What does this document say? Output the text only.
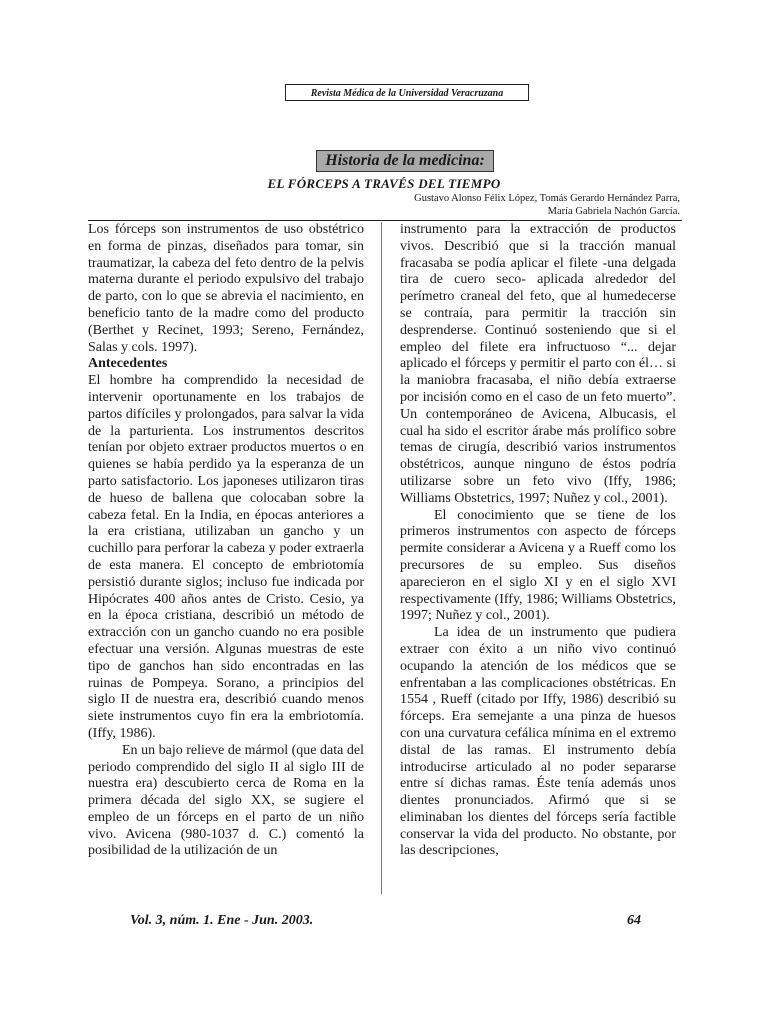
Revista Médica de la Universidad Veracruzana
Historia de la medicina:
EL FÓRCEPS A TRAVÉS DEL TIEMPO
Gustavo Alonso Félix López, Tomás Gerardo Hernández Parra,
María Gabriela Nachón García.

Los fórceps son instrumentos de uso obstétrico en forma de pinzas, diseñados para tomar, sin traumatizar, la cabeza del feto dentro de la pelvis materna durante el periodo expulsivo del trabajo de parto, con lo que se abrevia el nacimiento, en beneficio tanto de la madre como del producto (Berthet y Recinet, 1993; Sereno, Fernández, Salas y cols. 1997).

Antecedentes

El hombre ha comprendido la necesidad de intervenir oportunamente en los trabajos de partos difíciles y prolongados, para salvar la vida de la parturienta. Los instrumentos descritos tenían por objeto extraer productos muertos o en quienes se había perdido ya la esperanza de un parto satisfactorio. Los japoneses utilizaron tiras de hueso de ballena que colocaban sobre la cabeza fetal. En la India, en épocas anteriores a la era cristiana, utilizaban un gancho y un cuchillo para perforar la cabeza y poder extraerla de esta manera. El concepto de embriotomía persistió durante siglos; incluso fue indicada por Hipócrates 400 años antes de Cristo. Cesio, ya en la época cristiana, describió un método de extracción con un gancho cuando no era posible efectuar una versión. Algunas muestras de este tipo de ganchos han sido encontradas en las ruinas de Pompeya. Sorano, a principios del siglo II de nuestra era, describió cuando menos siete instrumentos cuyo fin era la embriotomía. (Iffy, 1986).

En un bajo relieve de mármol (que data del periodo comprendido del siglo II al siglo III de nuestra era) descubierto cerca de Roma en la primera década del siglo XX, se sugiere el empleo de un fórceps en el parto de un niño vivo. Avicena (980-1037 d. C.) comentó la posibilidad de la utilización de un

instrumento para la extracción de productos vivos. Describió que si la tracción manual fracasaba se podía aplicar el filete -una delgada tira de cuero seco- aplicada alrededor del perímetro craneal del feto, que al humedecerse se contraía, para permitir la tracción sin desprenderse. Continuó sosteniendo que si el empleo del filete era infructuoso “... dejar aplicado el fórceps y permitir el parto con él… si la maniobra fracasaba, el niño debía extraerse por incisión como en el caso de un feto muerto”. Un contemporáneo de Avicena, Albucasis, el cual ha sido el escritor árabe más prolífico sobre temas de cirugía, describió varios instrumentos obstétricos, aunque ninguno de éstos podría utilizarse sobre un feto vivo (Iffy, 1986; Williams Obstetrics, 1997; Nuñez y col., 2001).

El conocimiento que se tiene de los primeros instrumentos con aspecto de fórceps permite considerar a Avicena y a Rueff como los precursores de su empleo. Sus diseños aparecieron en el siglo XI y en el siglo XVI respectivamente (Iffy, 1986; Williams Obstetrics, 1997; Nuñez y col., 2001).

La idea de un instrumento que pudiera extraer con éxito a un niño vivo continuó ocupando la atención de los médicos que se enfrentaban a las complicaciones obstétricas. En 1554 , Rueff (citado por Iffy, 1986) describió su fórceps. Era semejante a una pinza de huesos con una curvatura cefálica mínima en el extremo distal de las ramas. El instrumento debía introducirse articulado al no poder separarse entre sí dichas ramas. Éste tenía además unos dientes pronunciados. Afirmó que si se eliminaban los dientes del fórceps sería factible conservar la vida del producto. No obstante, por las descripciones,

Vol. 3, núm. 1. Ene - Jun. 2003.	64
